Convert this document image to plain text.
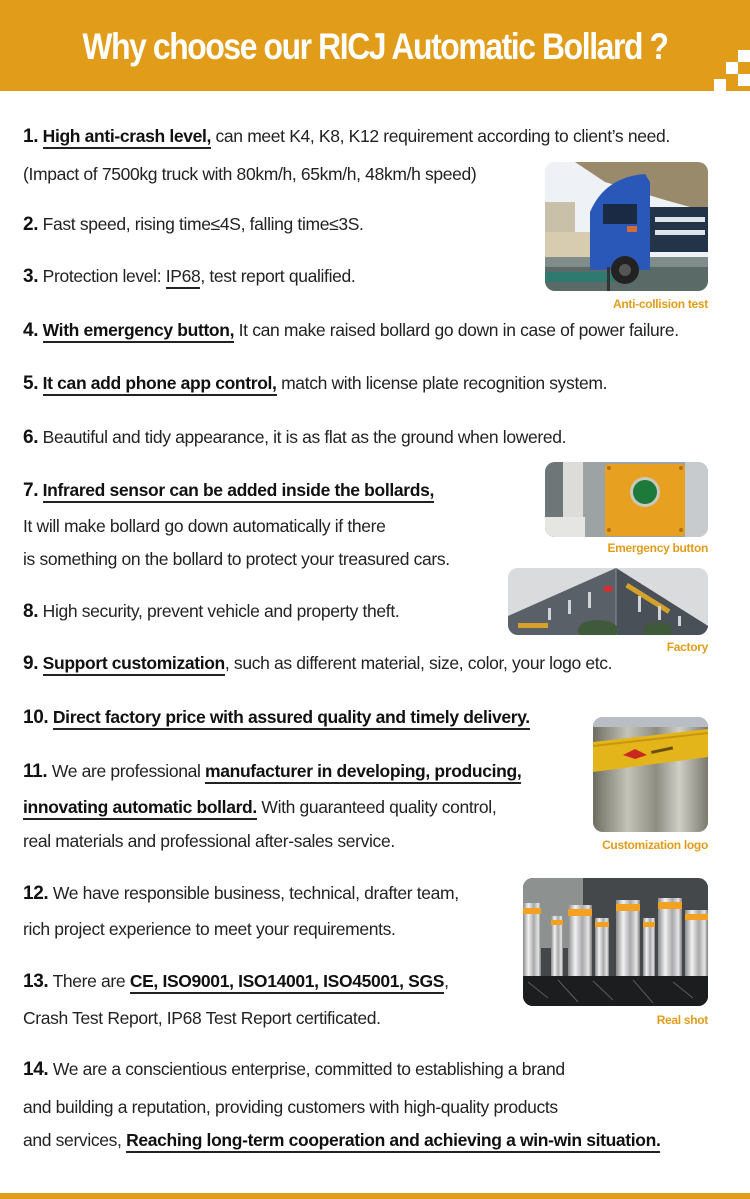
Why choose our RICJ Automatic Bollard ?
1. High anti-crash level, can meet K4, K8, K12 requirement according to client’s need.
(Impact of 7500kg truck with 80km/h, 65km/h, 48km/h speed)
2. Fast speed, rising time≤4S, falling time≤3S.
3. Protection level: IP68, test report qualified.
Anti-collision test
4. With emergency button, It can make raised bollard go down in case of power failure.
5. It can add phone app control, match with license plate recognition system.
6. Beautiful and tidy appearance, it is as flat as the ground when lowered.
7. Infrared sensor can be added inside the bollards,
It will make bollard go down automatically if there
is something on the bollard to protect your treasured cars.
Emergency button
Factory
8. High security, prevent vehicle and property theft.
9. Support customization, such as different material, size, color, your logo etc.
10. Direct factory price with assured quality and timely delivery.
11. We are professional manufacturer in developing, producing,
innovating automatic bollard. With guaranteed quality control,
real materials and professional after-sales service.	Customization logo
12. We have responsible business, technical, drafter team,
rich project experience to meet your requirements.
13. There are CE, ISO9001, ISO14001, ISO45001, SGS,
Crash Test Report, IP68 Test Report certificated.	Real shot
14. We are a conscientious enterprise, committed to establishing a brand
and building a reputation, providing customers with high-quality products
and services, Reaching long-term cooperation and achieving a win-win situation.
